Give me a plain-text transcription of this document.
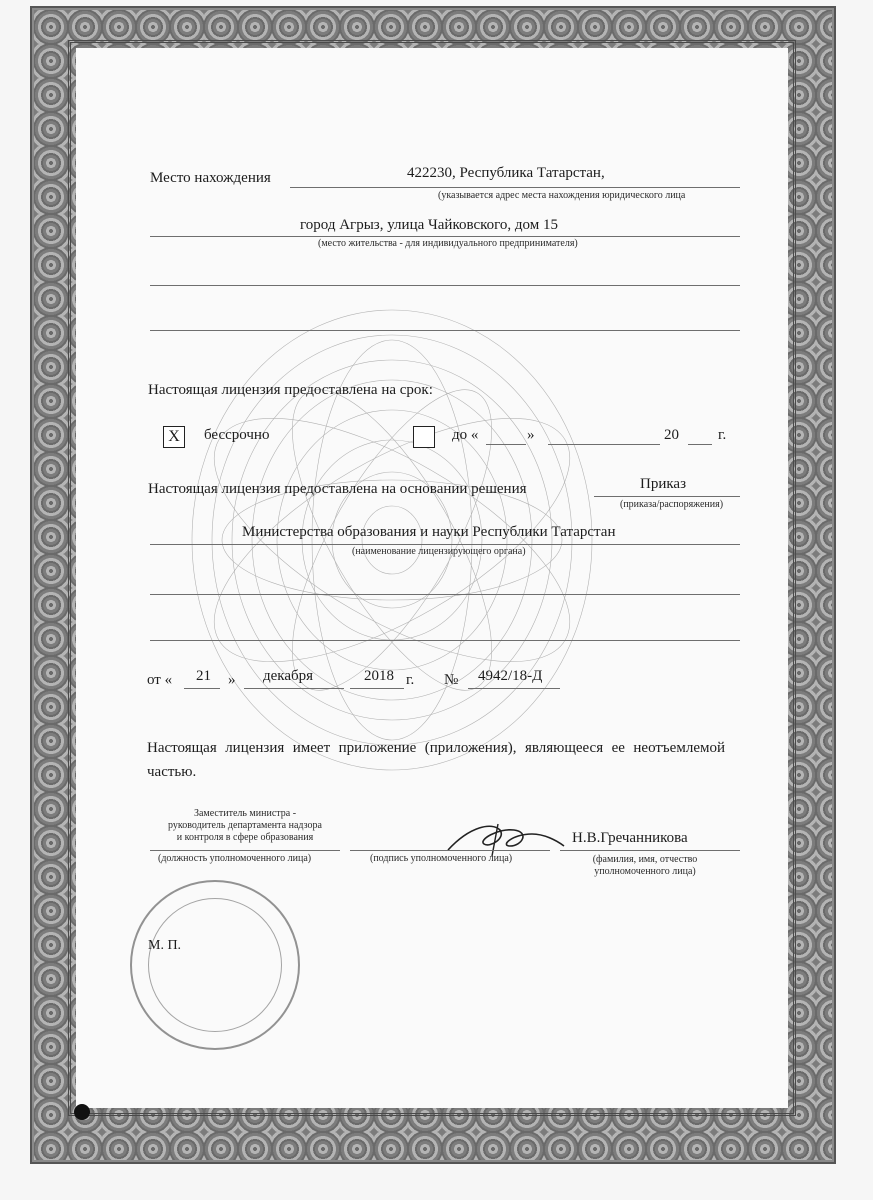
Место нахождения	422230, Республика Татарстан,
(указывается адрес места нахождения юридического лица
город Агрыз, улица Чайковского, дом 15
(место жительства - для индивидуального предпринимателя)
Настоящая лицензия предоставлена на срок:
X	бессрочно	до «	»	20	г.
Настоящая лицензия предоставлена на основании решения	Приказ
(приказа/распоряжения)
Министерства образования и науки Республики Татарстан
(наименование лицензирующего органа)
от « 21 » декабря	2018 г. № 4942/18-Д
Настоящая лицензия имеет приложение (приложения), являющееся ее неотъемлемой частью.
Заместитель министра -
руководитель департамента надзора
и контроля в сфере образования
(должность уполномоченного лица)	(подпись уполномоченного лица)
Н.В.Гречанникова
(фамилия, имя, отчество
уполномоченного лица)
М. П.
